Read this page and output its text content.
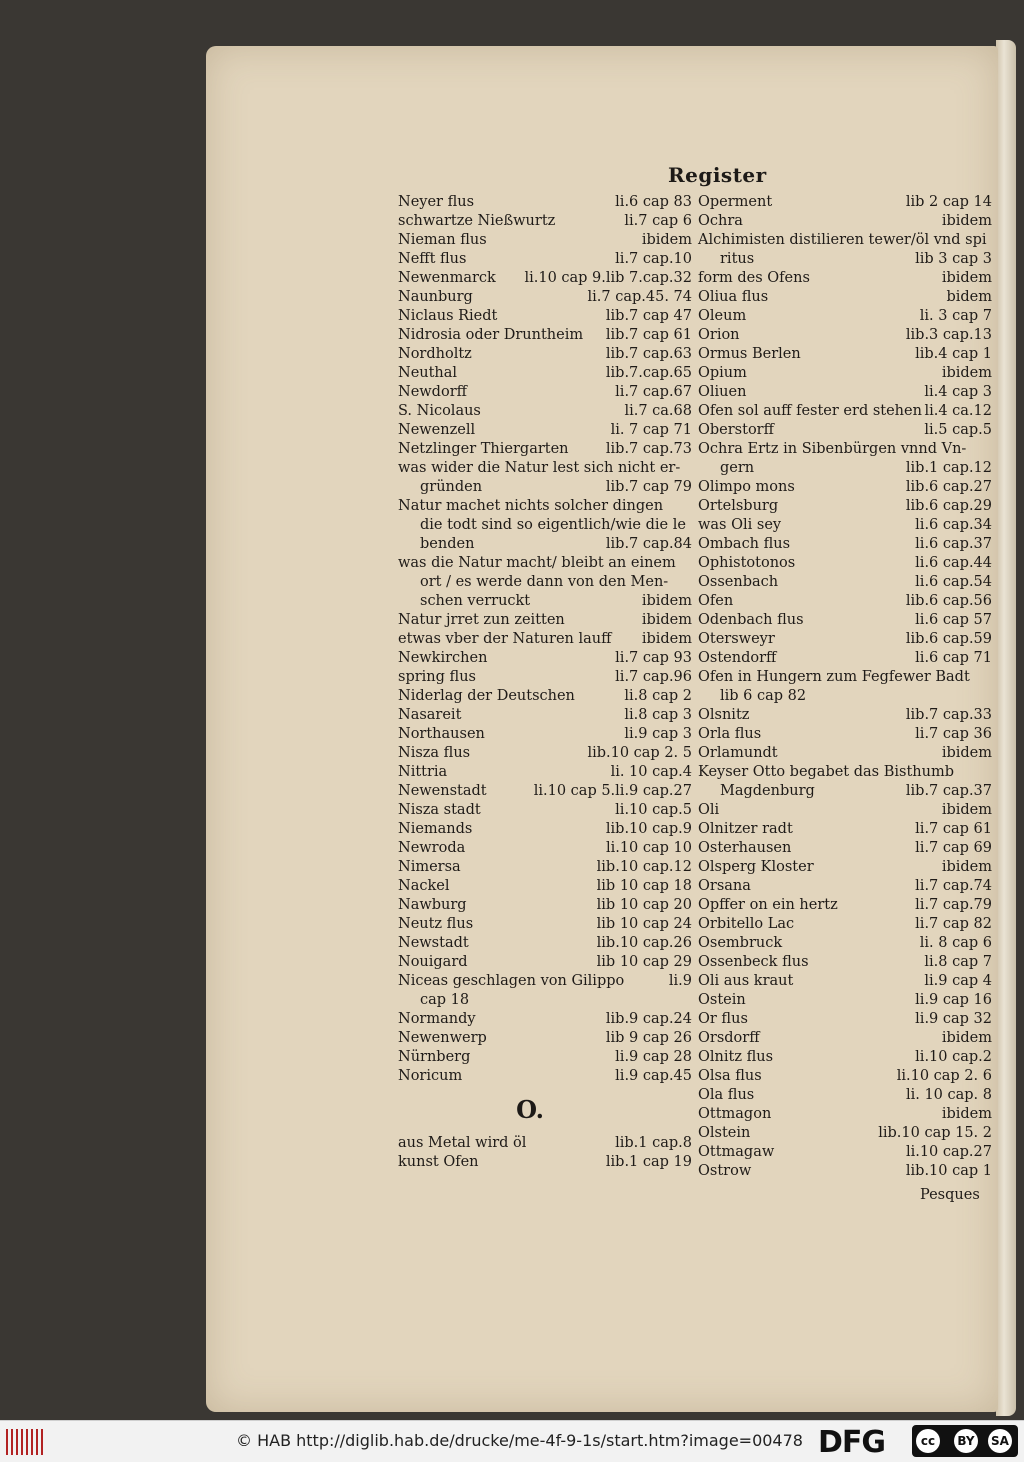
Register
Neyer flus	li.6 cap 83
schwartze Nießwurtz	li.7 cap 6
Nieman flus	ibidem
Nefft flus	li.7 cap.10
Newenmarck li.10 cap 9.lib 7.cap.32
Naunburg	li.7 cap.45. 74
Niclaus Riedt	lib.7 cap 47
Nidrosia oder Druntheim lib.7 cap 61
Nordholtz	lib.7 cap.63
Neuthal	lib.7.cap.65
Newdorff	li.7 cap.67
S. Nicolaus	li.7 ca.68
Newenzell	li. 7 cap 71
Netzlinger Thiergarten	lib.7 cap.73
was wider die Natur lest sich nicht er-
gründen	lib.7 cap 79
Natur machet nichts solcher dingen
die todt sind so eigentlich/wie die le
benden	lib.7 cap.84
was die Natur macht/ bleibt an einem
ort / es werde dann von den Men-
schen verruckt	ibidem
Natur jrret zun zeitten	ibidem
etwas vber der Naturen lauff ibidem
Newkirchen	li.7 cap 93
spring flus	li.7 cap.96
Niderlag der Deutschen	li.8 cap 2
Nasareit	li.8 cap 3
Northausen	li.9 cap 3
Nisza flus	lib.10 cap 2. 5
Nittria	li. 10 cap.4
Newenstadt	li.10 cap 5.li.9 cap.27
Nisza stadt	li.10 cap.5
Niemands	lib.10 cap.9
Newroda	li.10 cap 10
Nimersa	lib.10 cap.12
Nackel	lib 10 cap 18
Nawburg	lib 10 cap 20
Neutz flus	lib 10 cap 24
Newstadt	lib.10 cap.26
Nouigard	lib 10 cap 29
Niceas geschlagen von Gilippo	li.9
cap 18
Normandy	lib.9 cap.24
Newenwerp	lib 9 cap 26
Nürnberg	li.9 cap 28
Noricum	li.9 cap.45
O.
aus Metal wird öl	lib.1 cap.8
kunst Ofen	lib.1 cap 19
Operment	lib 2 cap 14
Ochra	ibidem
Alchimisten distilieren tewer/öl vnd spi
ritus	lib 3 cap 3
form des Ofens	ibidem
Oliua flus	bidem
Oleum	li. 3 cap 7
Orion	lib.3 cap.13
Ormus Berlen	lib.4 cap 1
Opium	ibidem
Oliuen	li.4 cap 3
Ofen sol auff fester erd stehen li.4 ca.12
Oberstorff	li.5 cap.5
Ochra Ertz in Sibenbürgen vnnd Vn-
gern	lib.1 cap.12
Olimpo mons	lib.6 cap.27
Ortelsburg	lib.6 cap.29
was Oli sey	li.6 cap.34
Ombach flus	li.6 cap.37
Ophistotonos	li.6 cap.44
Ossenbach	li.6 cap.54
Ofen	lib.6 cap.56
Odenbach flus	li.6 cap 57
Oterswеyr	lib.6 cap.59
Ostendorff	li.6 cap 71
Ofen in Hungern zum Fegfewer Badt
lib 6 cap 82
Olsnitz	lib.7 cap.33
Orla flus	li.7 cap 36
Orlamundt	ibidem
Keyser Otto begabet das Bisthumb
Magdenburg	lib.7 cap.37
Oli	ibidem
Olnitzer radt	li.7 cap 61
Osterhausen	li.7 cap 69
Olsperg Kloster	ibidem
Orsana	li.7 cap.74
Opffer on ein hertz	li.7 cap.79
Orbitello Lac	li.7 cap 82
Osembruck	li. 8 cap 6
Ossenbeck flus	li.8 cap 7
Oli aus kraut	li.9 cap 4
Ostein	li.9 cap 16
Or flus	li.9 cap 32
Orsdorff	ibidem
Olnitz flus	li.10 cap.2
Olsa flus	li.10 cap 2. 6
Ola flus	li. 10 cap. 8
Ottmagon	ibidem
Olstein	lib.10 cap 15. 2
Ottmagaw	li.10 cap.27
Ostrow	lib.10 cap 1
Pesques
© HAB http://diglib.hab.de/drucke/me-4f-9-1s/start.htm?image=00478 DFG	cc	BY SA
